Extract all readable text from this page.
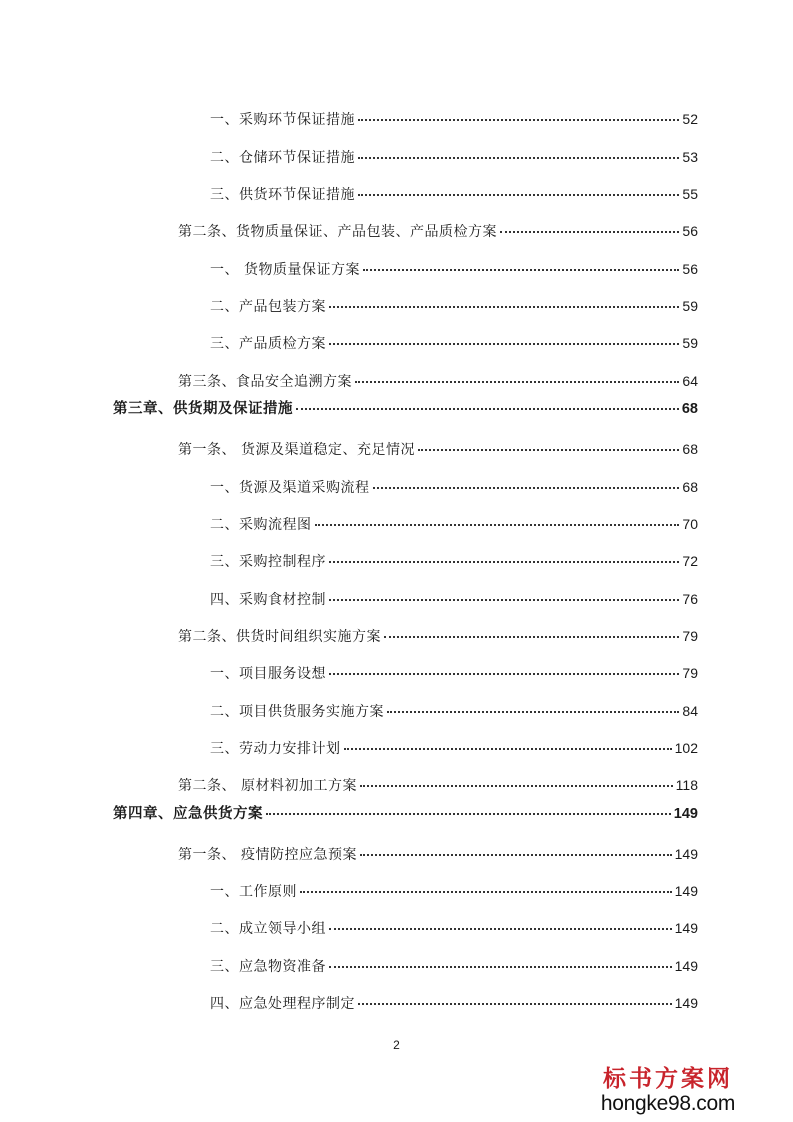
一、采购环节保证措施	52
二、仓储环节保证措施	53
三、供货环节保证措施	55
第二条、货物质量保证、产品包装、产品质检方案	56
一、 货物质量保证方案	56
二、产品包装方案	59
三、产品质检方案	59
第三条、食品安全追溯方案	64
第三章、供货期及保证措施	68
第一条、 货源及渠道稳定、充足情况	68
一、货源及渠道采购流程	68
二、采购流程图	70
三、采购控制程序	72
四、采购食材控制	76
第二条、供货时间组织实施方案	79
一、项目服务设想	79
二、项目供货服务实施方案	84
三、劳动力安排计划	102
第二条、 原材料初加工方案	118
第四章、应急供货方案	149
第一条、 疫情防控应急预案	149
一、工作原则	149
二、成立领导小组	149
三、应急物资准备	149
四、应急处理程序制定	149
2
标书方案网
hongke98.com
